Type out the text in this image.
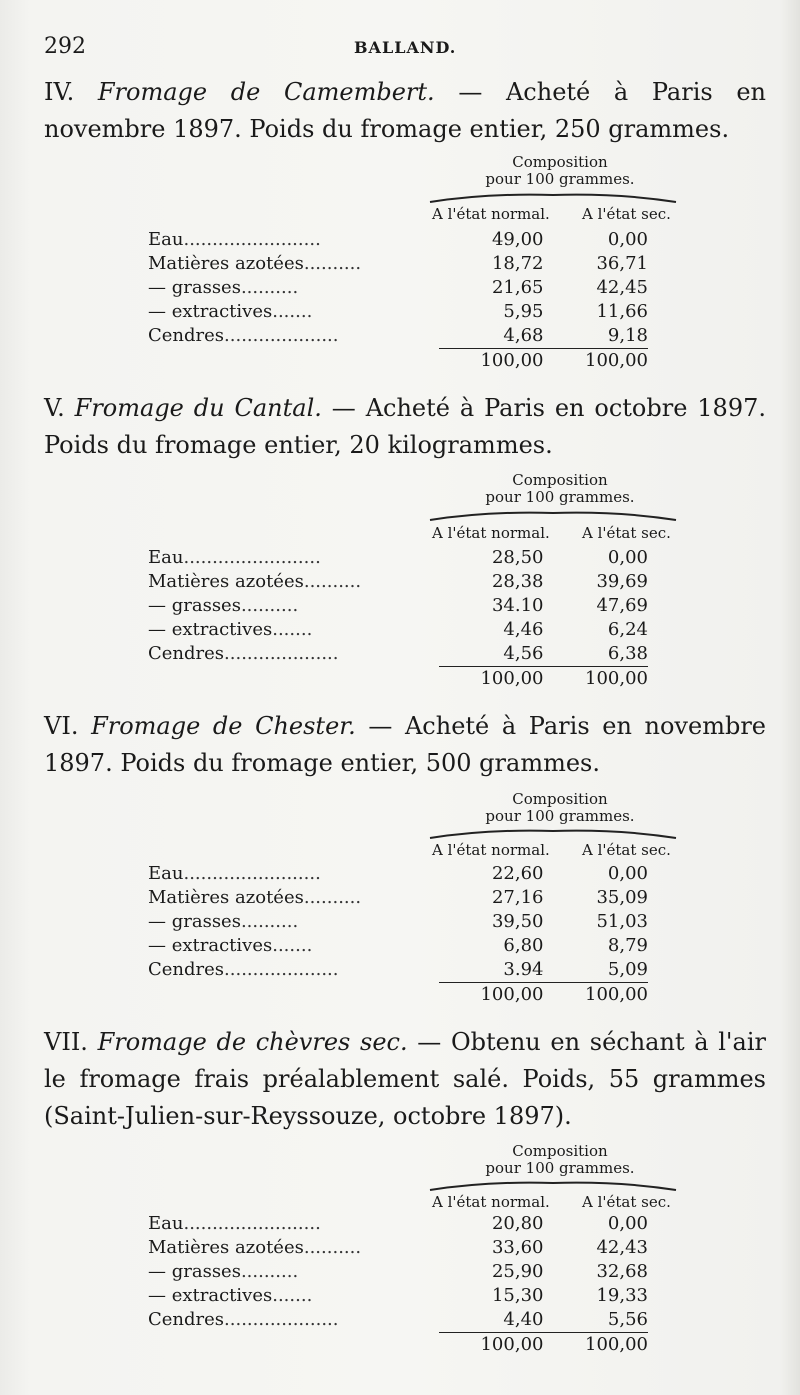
292	BALLAND.

IV. Fromage de Camembert. — Acheté à Paris en novembre 1897. Poids du fromage entier, 250 grammes.

Composition
pour 100 grammes.
A l'état normal. A l'état sec.
Eau........................	49,00	0,00
Matières azotées..........	18,72	36,71
— grasses..........	21,65	42,45
— extractives.......	5,95	11,66
Cendres....................	4,68	9,18
	100,00	100,00

V. Fromage du Cantal. — Acheté à Paris en octobre 1897. Poids du fromage entier, 20 kilogrammes.

Composition
pour 100 grammes.
A l'état normal. A l'état sec.
Eau........................	28,50	0,00
Matières azotées..........	28,38	39,69
— grasses..........	34.10	47,69
— extractives.......	4,46	6,24
Cendres....................	4,56	6,38
	100,00	100,00

VI. Fromage de Chester. — Acheté à Paris en novembre 1897. Poids du fromage entier, 500 grammes.

Composition
pour 100 grammes.
A l'état normal. A l'état sec.
Eau........................	22,60	0,00
Matières azotées..........	27,16	35,09
— grasses..........	39,50	51,03
— extractives.......	6,80	8,79
Cendres....................	3.94	5,09
	100,00	100,00

VII. Fromage de chèvres sec. — Obtenu en séchant à l'air le fromage frais préalablement salé. Poids, 55 grammes (Saint-Julien-sur-Reyssouze, octobre 1897).

Composition
pour 100 grammes.
A l'état normal. A l'état sec.
Eau........................	20,80	0,00
Matières azotées..........	33,60	42,43
— grasses..........	25,90	32,68
— extractives.......	15,30	19,33
Cendres....................	4,40	5,56
	100,00	100,00
